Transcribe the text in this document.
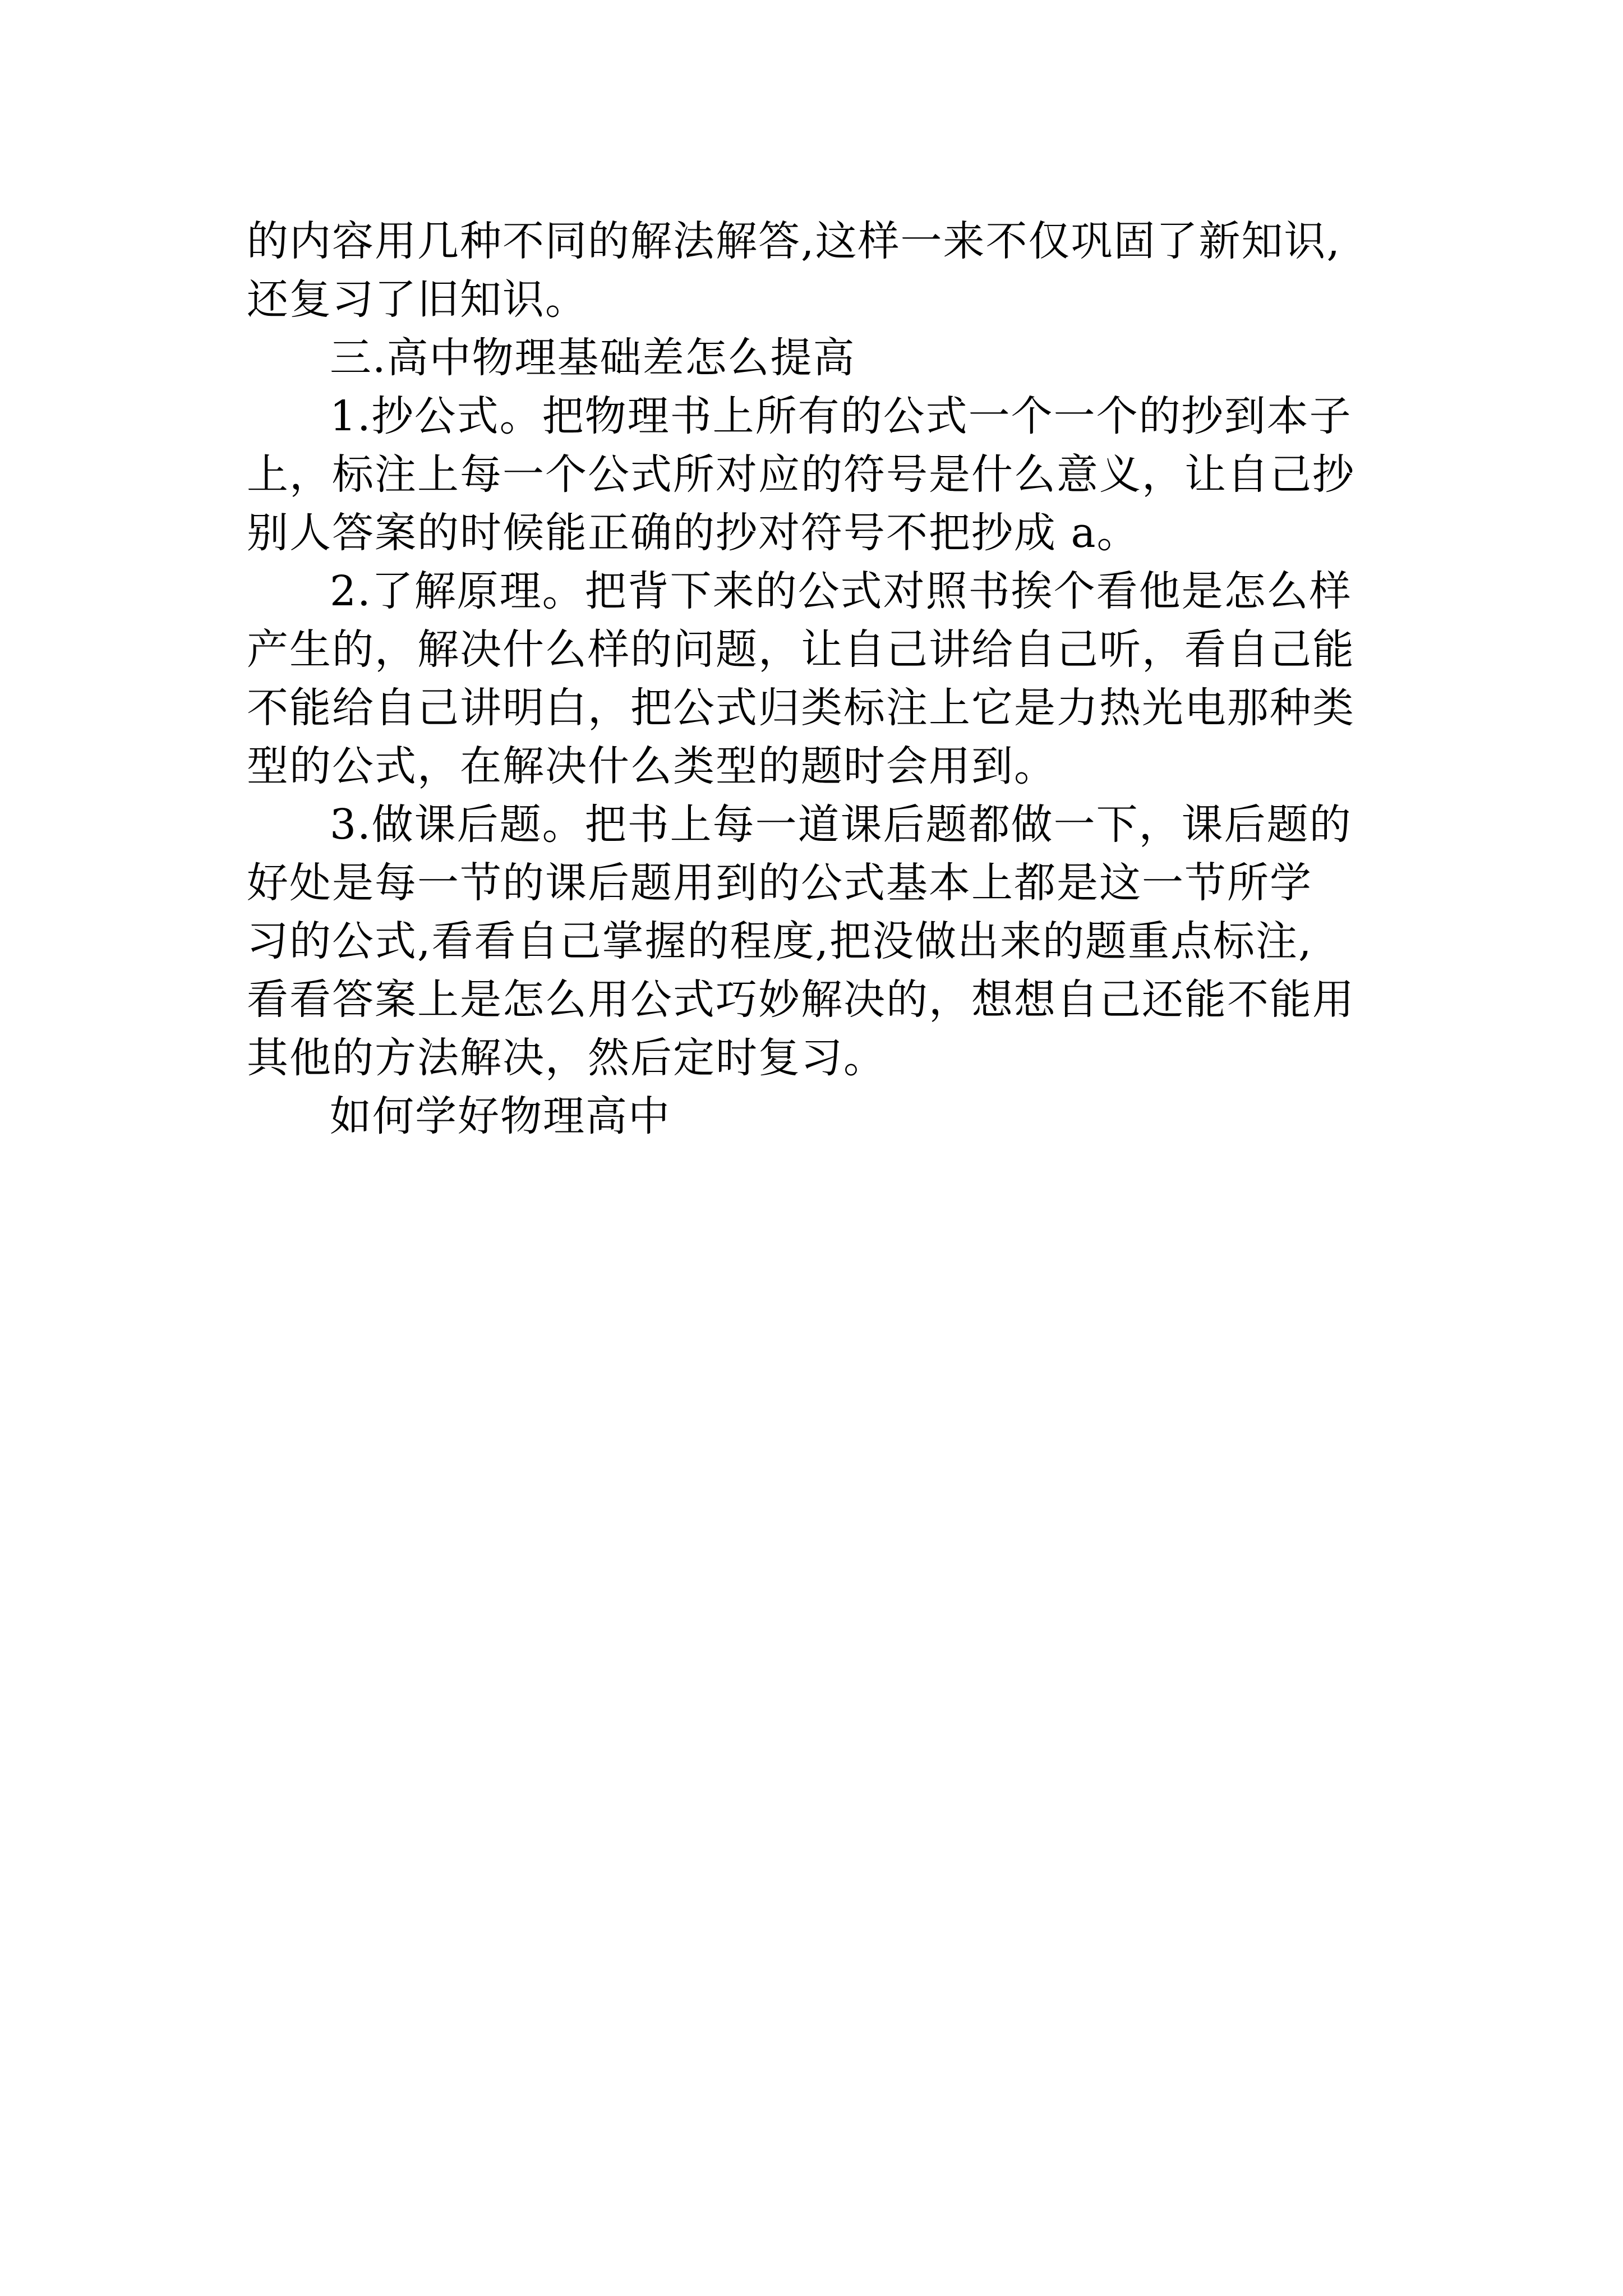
的内容用几种不同的解法解答,这样一来不仅巩固了新知识,
还复习了旧知识。

三.高中物理基础差怎么提高

1.抄公式。把物理书上所有的公式一个一个的抄到本子
上，标注上每一个公式所对应的符号是什么意义，让自己抄
别人答案的时候能正确的抄对符号不把抄成 a。

2.了解原理。把背下来的公式对照书挨个看他是怎么样
产生的，解决什么样的问题，让自己讲给自己听，看自己能
不能给自己讲明白，把公式归类标注上它是力热光电那种类
型的公式，在解决什么类型的题时会用到。

3.做课后题。把书上每一道课后题都做一下，课后题的
好处是每一节的课后题用到的公式基本上都是这一节所学
习的公式,看看自己掌握的程度,把没做出来的题重点标注,
看看答案上是怎么用公式巧妙解决的，想想自己还能不能用
其他的方法解决，然后定时复习。

如何学好物理高中
